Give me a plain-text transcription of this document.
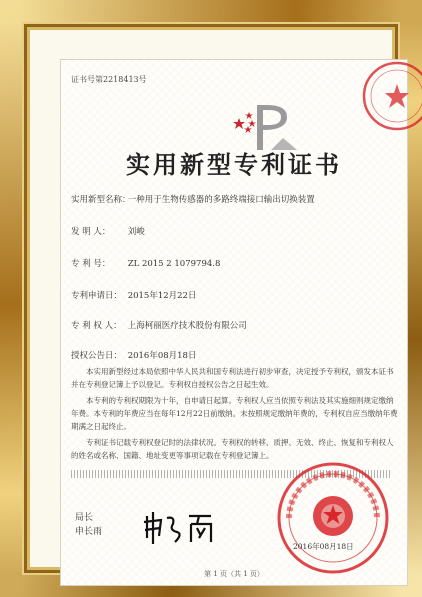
证书号第2218413号
实用新型专利证书
实用新型名称： 一种用于生物传感器的多路终端接口输出切换装置
发 明 人： 刘峻
专 利 号： ZL 2015 2 1079794.8
专利申请日： 2015年12月22日
专 利 权 人： 上海柯丽医疗技术股份有限公司
授权公告日： 2016年08月18日
本实用新型经过本局依照中华人民共和国专利法进行初步审查，决定授予专利权，颁发本证书并在专利登记簿上予以登记。专利权自授权公告之日起生效。
本专利的专利权期限为十年，自申请日起算。专利权人应当依照专利法及其实施细则规定缴纳年费。本专利的年费应当在每年12月22日前缴纳。未按照规定缴纳年费的，专利权自应当缴纳年费期满之日起终止。
专利证书记载专利权登记时的法律状况。专利权的转移、质押、无效、终止、恢复和专利权人的姓名或名称、国籍、地址变更等事项记载在专利登记簿上。
局长
申长雨
2016年08月18日
第 1 页（共 1 页）
